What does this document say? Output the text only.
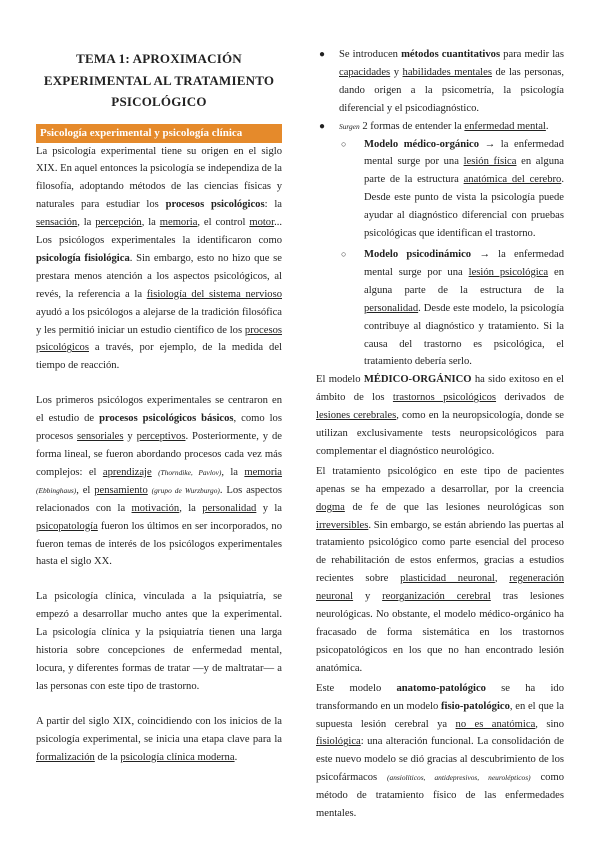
TEMA 1: APROXIMACIÓN
EXPERIMENTAL AL TRATAMIENTO
PSICOLÓGICO
Psicología experimental y psicología clínica

La psicología experimental tiene su origen en el siglo XIX. En aquel entonces la psicología se independiza de la filosofía, adoptando métodos de las ciencias físicas y naturales para estudiar los procesos psicológicos: la sensación, la percepción, la memoria, el control motor... Los psicólogos experimentales la identificaron como psicología fisiológica. Sin embargo, esto no hizo que se prestara menos atención a los aspectos psicológicos, al revés, la referencia a la fisiología del sistema nervioso ayudó a los psicólogos a alejarse de la tradición filosófica y les permitió iniciar un estudio científico de los procesos psicológicos a través, por ejemplo, de la medida del tiempo de reacción.

Los primeros psicólogos experimentales se centraron en el estudio de procesos psicológicos básicos, como los procesos sensoriales y perceptivos. Posteriormente, y de forma lineal, se fueron abordando procesos cada vez más complejos: el aprendizaje (Thorndike, Pavlov), la memoria (Ebbinghaus), el pensamiento (grupo de Wurzburgo). Los aspectos relacionados con la motivación, la personalidad y la psicopatología fueron los últimos en ser incorporados, no fueron temas de interés de los psicólogos experimentales hasta el siglo XX.

La psicología clínica, vinculada a la psiquiatría, se empezó a desarrollar mucho antes que la experimental. La psicología clínica y la psiquiatría tienen una larga historia sobre concepciones de enfermedad mental, locura, y diferentes formas de tratar —y de maltratar— a las personas con este tipo de trastorno.

A partir del siglo XIX, coincidiendo con los inicios de la psicología experimental, se inicia una etapa clave para la formalización de la psicología clínica moderna.

● Se introducen métodos cuantitativos para medir las capacidades y habilidades mentales de las personas, dando origen a la psicometría, la psicología diferencial y el psicodiagnóstico.

● Surgen 2 formas de entender la enfermedad mental.

○ Modelo médico-orgánico → la enfermedad mental surge por una lesión física en alguna parte de la estructura anatómica del cerebro. Desde este punto de vista la psicología puede ayudar al diagnóstico diferencial con pruebas psicológicas que identifican el trastorno.

○ Modelo psicodinámico → la enfermedad mental surge por una lesión psicológica en alguna parte de la estructura de la personalidad. Desde este modelo, la psicología contribuye al diagnóstico y tratamiento. Si la causa del trastorno es psicológica, el tratamiento debería serlo.

El modelo MÉDICO-ORGÁNICO ha sido exitoso en el ámbito de los trastornos psicológicos derivados de lesiones cerebrales, como en la neuropsicología, donde se utilizan exclusivamente tests neuropsicológicos para complementar el diagnóstico neurológico.

El tratamiento psicológico en este tipo de pacientes apenas se ha empezado a desarrollar, por la creencia dogma de fe de que las lesiones neurológicas son irreversibles. Sin embargo, se están abriendo las puertas al tratamiento psicológico como parte esencial del proceso de rehabilitación de estos enfermos, gracias a estudios recientes sobre plasticidad neuronal, regeneración neuronal y reorganización cerebral tras lesiones neurológicas. No obstante, el modelo médico-orgánico ha fracasado de forma sistemática en los trastornos psicopatológicos en los que no han encontrado lesión anatómica.

Este modelo anatomo-patológico se ha ido transformando en un modelo fisio-patológico, en el que la supuesta lesión cerebral ya no es anatómica, sino fisiológica: una alteración funcional. La consolidación de este nuevo modelo se dió gracias al descubrimiento de los psicofármacos (ansiolíticos, antidepresivos, neurolépticos) como método de tratamiento físico de las enfermedades mentales.
